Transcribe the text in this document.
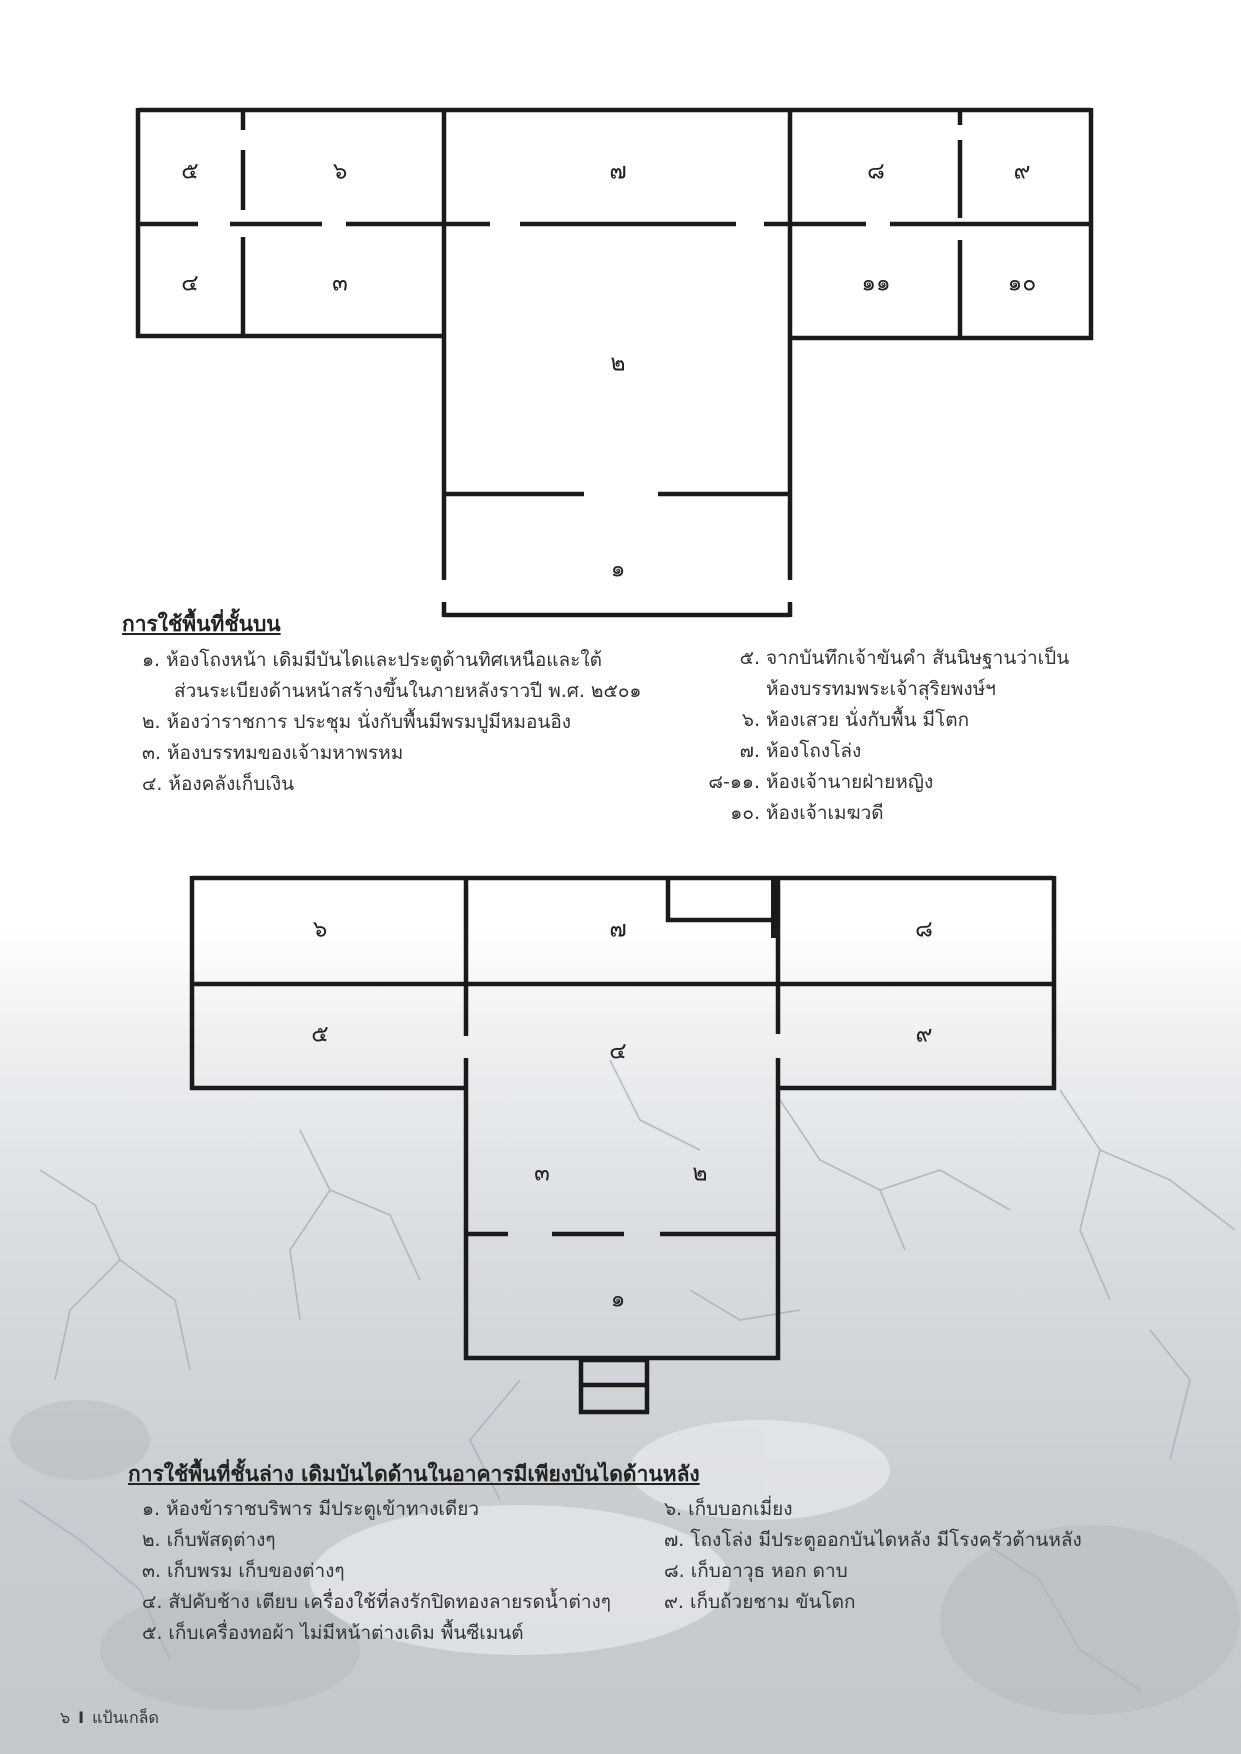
๕	๖	๗	๘	๙
๔	๓	๑๑	๑๐
๒
๑
๖	๗	๘
๕
๔
๙
๓	๒
๑
การใช้พื้นที่ชั้นบน
๑. ห้องโถงหน้า เดิมมีบันไดและประตูด้านทิศเหนือและใต้
ส่วนระเบียงด้านหน้าสร้างขึ้นในภายหลังราวปี พ.ศ. ๒๕๐๑
๒. ห้องว่าราชการ ประชุม นั่งกับพื้นมีพรมปูมีหมอนอิง
๓. ห้องบรรทมของเจ้ามหาพรหม
๔. ห้องคลังเก็บเงิน
๕. จากบันทึกเจ้าขันคำ สันนิษฐานว่าเป็น
ห้องบรรทมพระเจ้าสุริยพงษ์ฯ
๖. ห้องเสวย นั่งกับพื้น มีโตก
๗. ห้องโถงโล่ง
๘-๑๑. ห้องเจ้านายฝ่ายหญิง
๑๐. ห้องเจ้าเมฆวดี
การใช้พื้นที่ชั้นล่าง เดิมบันไดด้านในอาคารมีเพียงบันไดด้านหลัง
๑. ห้องข้าราชบริพาร มีประตูเข้าทางเดียว
๒. เก็บพัสดุต่างๆ
๓. เก็บพรม เก็บของต่างๆ
๔. สัปคับช้าง เตียบ เครื่องใช้ที่ลงรักปิดทองลายรดน้ำต่างๆ
๕. เก็บเครื่องทอผ้า ไม่มีหน้าต่างเดิม พื้นซีเมนต์
๖. เก็บบอกเมี่ยง
๗. โถงโล่ง มีประตูออกบันไดหลัง มีโรงครัวด้านหลัง
๘. เก็บอาวุธ หอก ดาบ
๙. เก็บถ้วยชาม ขันโตก
๖ I แป้นเกล็ด
